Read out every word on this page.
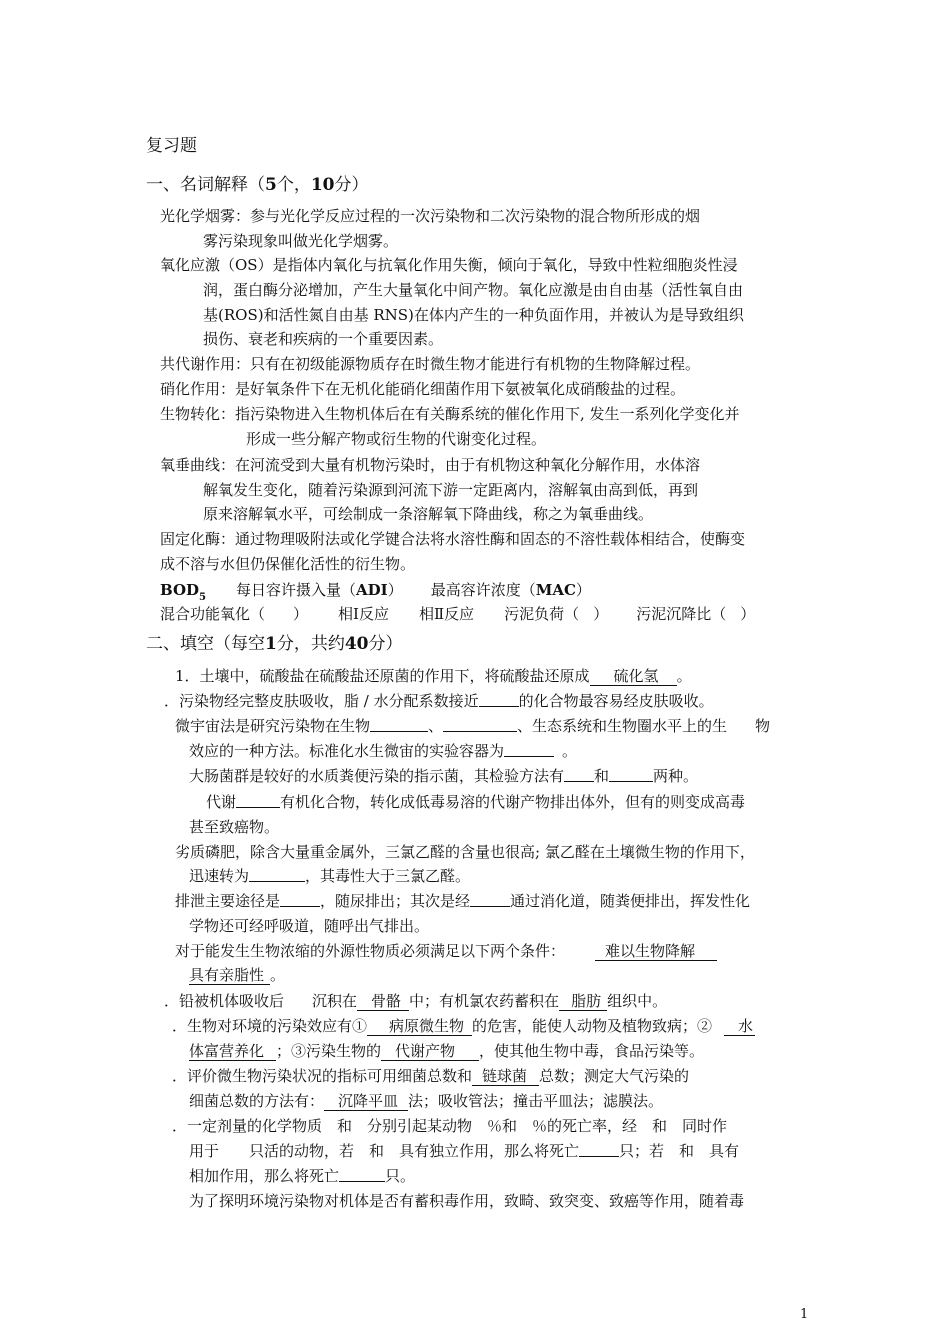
复习题
一、名词解释（5个，10分）
光化学烟雾：参与光化学反应过程的一次污染物和二次污染物的混合物所形成的烟
雾污染现象叫做光化学烟雾。
氧化应激（OS）是指体内氧化与抗氧化作用失衡，倾向于氧化，导致中性粒细胞炎性浸
润，蛋白酶分泌增加，产生大量氧化中间产物。氧化应激是由自由基（活性氧自由
基(ROS)和活性氮自由基 RNS)在体内产生的一种负面作用，并被认为是导致组织
损伤、衰老和疾病的一个重要因素。
共代谢作用：只有在初级能源物质存在时微生物才能进行有机物的生物降解过程。
硝化作用：是好氧条件下在无机化能硝化细菌作用下氨被氧化成硝酸盐的过程。
生物转化：指污染物进入生物机体后在有关酶系统的催化作用下, 发生一系列化学变化并
形成一些分解产物或衍生物的代谢变化过程。
氧垂曲线：在河流受到大量有机物污染时，由于有机物这种氧化分解作用，水体溶
解氧发生变化，随着污染源到河流下游一定距离内，溶解氧由高到低，再到
原来溶解氧水平，可绘制成一条溶解氧下降曲线，称之为氧垂曲线。
固定化酶：通过物理吸附法或化学键合法将水溶性酶和固态的不溶性载体相结合，使酶变
成不溶与水但仍保催化活性的衍生物。
$BOD_5$ 每日容许摄入量（ADI） 最高容许浓度（MAC）
混合功能氧化（ ） 相Ⅰ反应 相Ⅱ反应 污泥负荷（ ） 污泥沉降比（ ）
二、填空（每空1分，共约40分）
1．土壤中，硫酸盐在硫酸盐还原菌的作用下，将硫酸盐还原成 硫化氢 。
．污染物经完整皮肤吸收，脂 / 水分配系数接近	的化合物最容易经皮肤吸收。
微宇宙法是研究污染物在生物	、	、生态系统和生物圈水平上的生 物
效应的一种方法。标准化水生微宙的实验容器为	。
大肠菌群是较好的水质粪便污染的指示菌，其检验方法有 和	两种。
代谢	有机化合物，转化成低毒易溶的代谢产物排出体外，但有的则变成高毒
甚至致癌物。
劣质磷肥，除含大量重金属外，三氯乙醛的含量也很高; 氯乙醛在土壤微生物的作用下，
迅速转为	，其毒性大于三氯乙醛。
排泄主要途径是	，随尿排出；其次是经	通过消化道，随粪便排出，挥发性化
学物还可经呼吸道，随呼出气排出。
对于能发生生物浓缩的外源性物质必须满足以下两个条件：	难以生物降解
具有亲脂性 。
．铅被机体吸收后 沉积在 骨骼 中；有机氯农药蓄积在 脂肪 组织中。
．生物对环境的污染效应有① 病原微生物 的危害，能使人动物及植物致病；② 水
体富营养化 ；③污染生物的 代谢产物 ，使其他生物中毒，食品污染等。
．评价微生物污染状况的指标可用细菌总数和 链球菌 总数；测定大气污染的
细菌总数的方法有： 沉降平皿 法；吸收管法；撞击平皿法；滤膜法。
．一定剂量的化学物质　和　分别引起某动物　％和　％的死亡率，经　和　同时作
用于　　只活的动物，若　和　具有独立作用，那么将死亡	只；若　和　具有
相加作用，那么将死亡	只。
为了探明环境污染物对机体是否有蓄积毒作用，致畸、致突变、致癌等作用，随着毒
1
